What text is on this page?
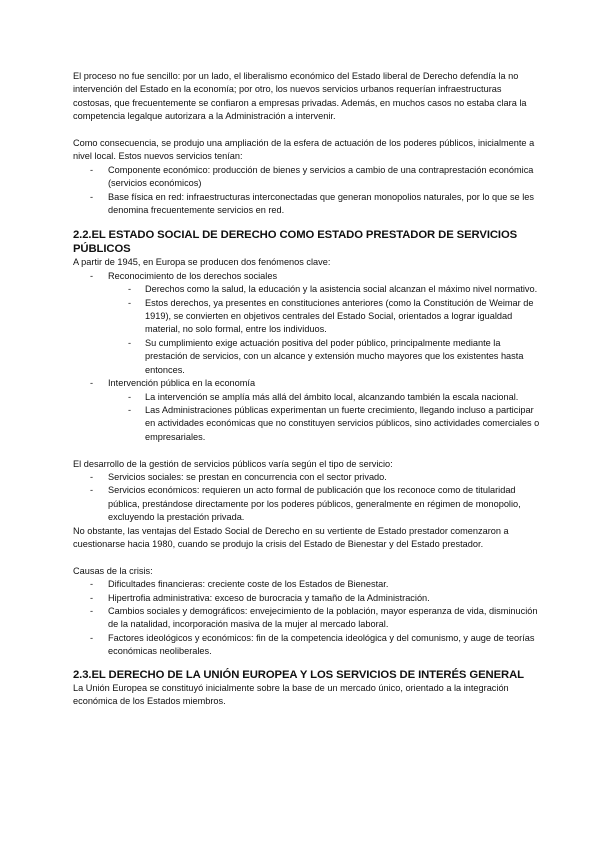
El proceso no fue sencillo: por un lado, el liberalismo económico del Estado liberal de Derecho defendía la no intervención del Estado en la economía; por otro, los nuevos servicios urbanos requerían infraestructuras costosas, que frecuentemente se confiaron a empresas privadas. Además, en muchos casos no estaba clara la competencia legalque autorizara a la Administración a intervenir.

Como consecuencia, se produjo una ampliación de la esfera de actuación de los poderes públicos, inicialmente a nivel local. Estos nuevos servicios tenían:

- Componente económico: producción de bienes y servicios a cambio de una contraprestación económica (servicios económicos)
- Base física en red: infraestructuras interconectadas que generan monopolios naturales, por lo que se les denomina frecuentemente servicios en red.
2.2.EL ESTADO SOCIAL DE DERECHO COMO ESTADO PRESTADOR DE SERVICIOS PÚBLICOS

A partir de 1945, en Europa se producen dos fenómenos clave:

- Reconocimiento de los derechos sociales
- Derechos como la salud, la educación y la asistencia social alcanzan el máximo nivel normativo.
- Estos derechos, ya presentes en constituciones anteriores (como la Constitución de Weimar de 1919), se convierten en objetivos centrales del Estado Social, orientados a lograr igualdad material, no solo formal, entre los individuos.
- Su cumplimiento exige actuación positiva del poder público, principalmente mediante la prestación de servicios, con un alcance y extensión mucho mayores que los existentes hasta entonces.
- Intervención pública en la economía
- La intervención se amplía más allá del ámbito local, alcanzando también la escala nacional.
- Las Administraciones públicas experimentan un fuerte crecimiento, llegando incluso a participar en actividades económicas que no constituyen servicios públicos, sino actividades comerciales o empresariales.

El desarrollo de la gestión de servicios públicos varía según el tipo de servicio:

- Servicios sociales: se prestan en concurrencia con el sector privado.
- Servicios económicos: requieren un acto formal de publicación que los reconoce como de titularidad pública, prestándose directamente por los poderes públicos, generalmente en régimen de monopolio, excluyendo la prestación privada.

No obstante, las ventajas del Estado Social de Derecho en su vertiente de Estado prestador comenzaron a cuestionarse hacia 1980, cuando se produjo la crisis del Estado de Bienestar y del Estado prestador.

Causas de la crisis:

- Dificultades financieras: creciente coste de los Estados de Bienestar.
- Hipertrofia administrativa: exceso de burocracia y tamaño de la Administración.
- Cambios sociales y demográficos: envejecimiento de la población, mayor esperanza de vida, disminución de la natalidad, incorporación masiva de la mujer al mercado laboral.
- Factores ideológicos y económicos: fin de la competencia ideológica y del comunismo, y auge de teorías económicas neoliberales.
2.3.EL DERECHO DE LA UNIÓN EUROPEA Y LOS SERVICIOS DE INTERÉS GENERAL

La Unión Europea se constituyó inicialmente sobre la base de un mercado único, orientado a la integración económica de los Estados miembros.
